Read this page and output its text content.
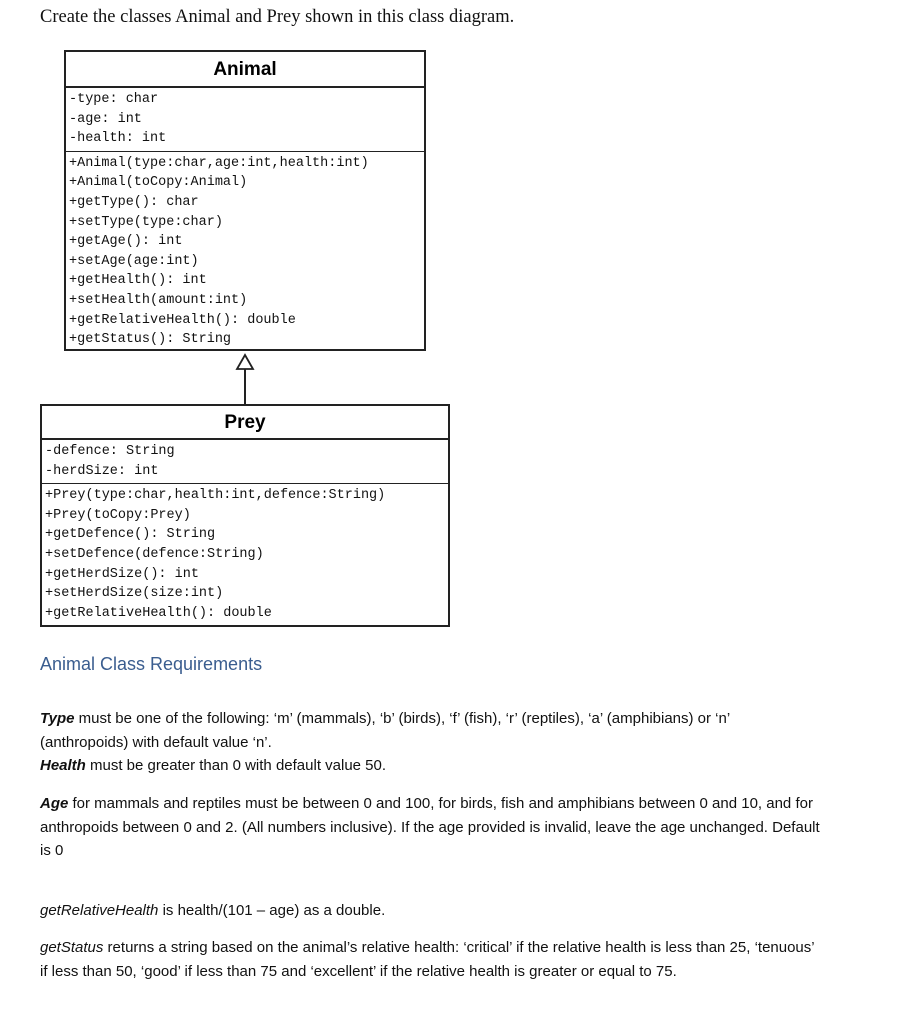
Create the classes Animal and Prey shown in this class diagram.
Animal
-type: char
-age: int
-health: int
+Animal(type:char,age:int,health:int)
+Animal(toCopy:Animal)
+getType(): char
+setType(type:char)
+getAge(): int
+setAge(age:int)
+getHealth(): int
+setHealth(amount:int)
+getRelativeHealth(): double
+getStatus(): String
Prey
-defence: String
-herdSize: int
+Prey(type:char,health:int,defence:String)
+Prey(toCopy:Prey)
+getDefence(): String
+setDefence(defence:String)
+getHerdSize(): int
+setHerdSize(size:int)
+getRelativeHealth(): double
Animal Class Requirements
Type must be one of the following: ‘m’ (mammals), ‘b’ (birds), ‘f’ (fish), ‘r’ (reptiles), ‘a’ (amphibians) or ‘n’ (anthropoids) with default value ‘n’.
Health must be greater than 0 with default value 50.
Age for mammals and reptiles must be between 0 and 100, for birds, fish and amphibians between 0 and 10, and for anthropoids between 0 and 2. (All numbers inclusive). If the age provided is invalid, leave the age unchanged. Default is 0
getRelativeHealth is health/(101 – age) as a double.
getStatus returns a string based on the animal’s relative health: ‘critical’ if the relative health is less than 25, ‘tenuous’ if less than 50, ‘good’ if less than 75 and ‘excellent’ if the relative health is greater or equal to 75.
